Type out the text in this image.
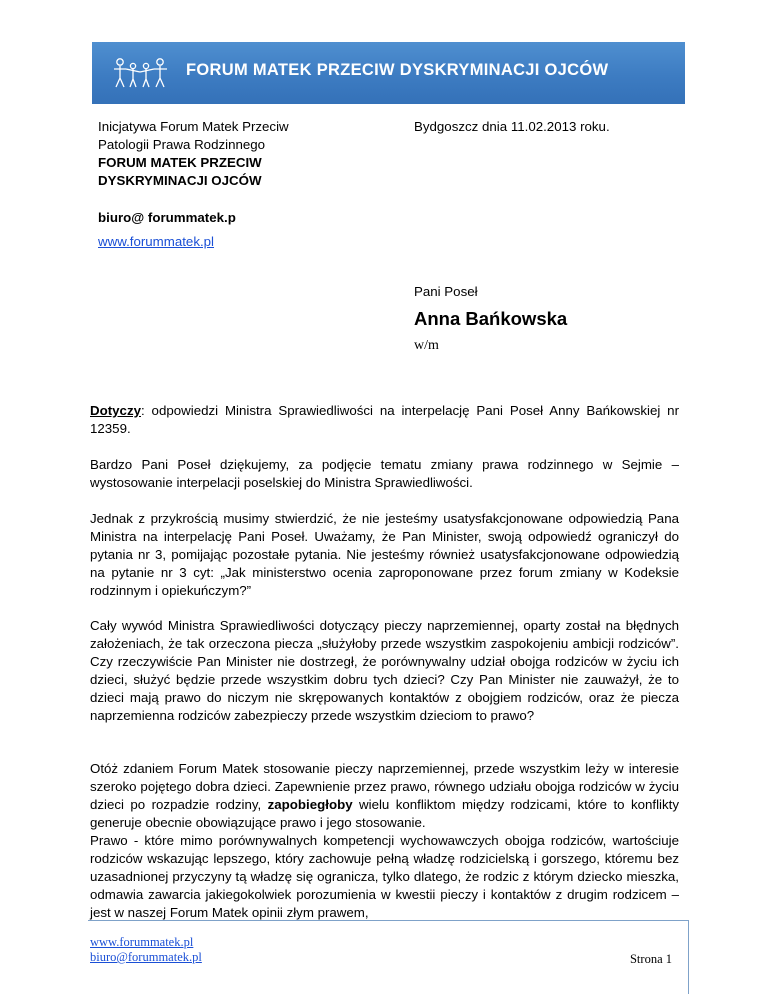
FORUM MATEK PRZECIW DYSKRYMINACJI OJCÓW
Inicjatywa Forum Matek Przeciw
Patologii Prawa Rodzinnego
FORUM MATEK PRZECIW
DYSKRYMINACJI OJCÓW
Bydgoszcz dnia 11.02.2013 roku.
biuro@ forummatek.p
www.forummatek.pl
Pani Poseł
Anna Bańkowska
w/m

Dotyczy: odpowiedzi Ministra Sprawiedliwości na interpelację Pani Poseł Anny Bańkowskiej nr 12359.

Bardzo Pani Poseł dziękujemy, za podjęcie tematu zmiany prawa rodzinnego w Sejmie – wystosowanie interpelacji poselskiej do Ministra Sprawiedliwości.

Jednak z przykrością musimy stwierdzić, że nie jesteśmy usatysfakcjonowane odpowiedzią Pana Ministra na interpelację Pani Poseł. Uważamy, że Pan Minister, swoją odpowiedź ograniczył do pytania nr 3, pomijając pozostałe pytania. Nie jesteśmy również usatysfakcjonowane odpowiedzią na pytanie nr 3 cyt: „Jak ministerstwo ocenia zaproponowane przez forum zmiany w Kodeksie rodzinnym i opiekuńczym?”

Cały wywód Ministra Sprawiedliwości dotyczący pieczy naprzemiennej, oparty został na błędnych założeniach, że tak orzeczona piecza „służyłoby przede wszystkim zaspokojeniu ambicji rodziców”. Czy rzeczywiście Pan Minister nie dostrzegł, że porównywalny udział obojga rodziców w życiu ich dzieci, służyć będzie przede wszystkim dobru tych dzieci? Czy Pan Minister nie zauważył, że to dzieci mają prawo do niczym nie skrępowanych kontaktów z obojgiem rodziców, oraz że piecza naprzemienna rodziców zabezpieczy przede wszystkim dzieciom to prawo?

Otóż zdaniem Forum Matek stosowanie pieczy naprzemiennej, przede wszystkim leży w interesie szeroko pojętego dobra dzieci. Zapewnienie przez prawo, równego udziału obojga rodziców w życiu dzieci po rozpadzie rodziny, zapobiegłoby wielu konfliktom między rodzicami, które to konflikty generuje obecnie obowiązujące prawo i jego stosowanie.

Prawo - które mimo porównywalnych kompetencji wychowawczych obojga rodziców, wartościuje rodziców wskazując lepszego, który zachowuje pełną władzę rodzicielską i gorszego, któremu bez uzasadnionej przyczyny tą władzę się ogranicza, tylko dlatego, że rodzic z którym dziecko mieszka, odmawia zawarcia jakiegokolwiek porozumienia w kwestii pieczy i kontaktów z drugim rodzicem – jest w naszej Forum Matek opinii złym prawem,

www.forummatek.pl
biuro@forummatek.pl	Strona 1
